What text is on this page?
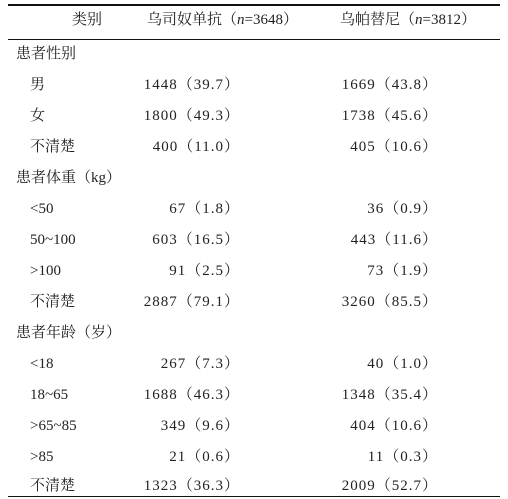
类别	乌司奴单抗（n=3648）	乌帕替尼（n=3812）
患者性别
男	1448（39.7）	1669（43.8）
女	1800（49.3）	1738（45.6）
不清楚	400（11.0）	405（10.6）
患者体重（kg）
<50	67（1.8）	36（0.9）
50~100	603（16.5）	443（11.6）
>100	91（2.5）	73（1.9）
不清楚	2887（79.1）	3260（85.5）
患者年龄（岁）
<18	267（7.3）	40（1.0）
18~65	1688（46.3）	1348（35.4）
>65~85	349（9.6）	404（10.6）
>85	21（0.6）	11（0.3）
不清楚	1323（36.3）	2009（52.7）
